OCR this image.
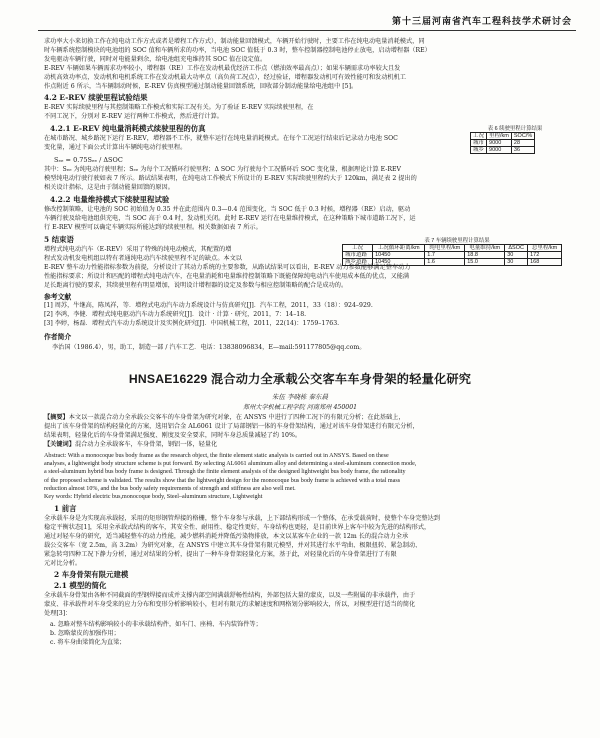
第十三届河南省汽车工程科技学术研讨会
求功率大小来切换工作在纯电动工作方式或者是增程工作方式），制动能量回馈模式，车辆开始行驶时，主要工作在纯电动电量消耗模式，同
时车辆系统控制模块的电池组的 SOC 值和车辆所求的功率，当电池 SOC 值低于 0.3 时，整车控制器控制电池停止放电，启动增程器（RE）
发电驱动车辆行驶，同时对电能量剩余，给电池组充电维持其 SOC 值在设定值。
E-REV 车辆如果车辆需求功率较小，增程器（RE）工作在发动机最优经济工作点（燃油效率最高点）；如果车辆需求功率较大且发
动机高效功率点，发动机和电机系统工作在发动机最大功率点（高负荷工况点），经过验证，增程器发动机可有效性能可和发动机机工
作点附近 6 所示，当车辆制动时候，E-REV 仿真模型通过制动能量回馈系统，回收部分制动能量给电池组中 [5]。
4.2 E-REV 续驶里程试验结果
E-REV 实际续驶里程与其控制策略工作模式和实际工况有关。为了验证 E-REV 实际续驶里程，在
不同工况下，分别对 E-REV 运行两种工作模式，然后进行计算。
表 6 续驶里程计算结果
工况	里程/km	SOC/%
城市	9000	28
城乡	9000	36
4.2.1 E-REV 纯电量消耗模式续驶里程的仿真
在城市路况、城乡路况下运行 E-REV，增程器不工作，就整车运行在纯电量消耗模式。在每个工况运行结束后记录动力电池 SOC
变化量，通过下面公式计算出车辆纯电动行驶里程。
Sₑₑ = 0.75Sₑₑ / ΔSOC
其中：Sₑₑ 为纯电动行驶里程；Sₑₑ 为每个工况循环行驶里程；Δ SOC 为行驶每个工况循环后 SOC 变化量，根据理论计算 E-REV
模型纯电动行驶行驶如表 7 所示。路试结果表明，在纯电动工作模式下所设计的 E-REV 实际续驶里程约大于 120km，满足表 2 提出的
相关设计指标，这是由于制动能量回馈的原因。
4.2.2 电量维持模式下续驶里程试验
修改控制策略，让电池的 SOC 初始值为 0.35 并在此范围内 0.3—0.4 范围变化，当 SOC 低于 0.3 时候，增程器（RE）启动，驱动
车辆行驶及给电池组供充电，当 SOC 高于 0.4 时，发动机关闭。此时 E-REV 运行在电量维持模式，在这种策略下城市道路工况下，运
行 E-REV 模型可以确定车辆实际所能达到的续驶里程。相关数据如表 7 所示。
5 结束语	表 7 车辆续驶里程计算结果
工况	工况循环距离/km	纯电里程/km	电量维持/km	ΔSOC	总里程/km
城市道路	10450	1.7	18.8	30	172
城乡道路	10450	1.6	15.0	30	168
增程式纯电动汽车（E-REV）采用了特殊的纯电动模式，其配置的增
程式发动机发电机组以特有者通纯电动汽车续驶里程不足的缺点。本文以
E-REV 整车动力性能指标参数为前提，分析设计了其动力系统的主要参数，从路试结果可以看出，E-REV 动力参数能够满足整车动力
性能指标要求；所设计和匹配的增程式纯电动汽车，在电量消耗和电量维持控制策略下既能保障纯电动汽车使用成本低的优点，又能满
足长距离行驶的要求，其续驶里程有明显增加，说明设计增程器的设定及参数与相应控制策略的配合是成功的。
参考文献
[1] 周苏，牛继高，陈凤祥，等．增程式电动汽车动力系统设计与仿真研究[J]．汽车工程，2011，33（18）：924–929.
[2] 李鸿，李健．增程式纯电驱动汽车动力系统研究[J]．设计 · 计算 · 研究，2011，7：14–18.
[3] 李婷，杨磊．增程式汽车动力系统设计及实例化研究[J]．中国机械工程，2011，22(14)：1759–1763.
作者简介
李治国（1986.4），男，助工，制造一部 / 汽车工艺．电话：13838096834，E—mail:591177805@qq.com。
HNSAE16229 混合动力全承载公交客车车身骨架的轻量化研究
朱伍 李晓栋 秦东晨
郑州大学机械工程学院 河南郑州 450001
【摘要】本文以一款混合动力全承载公交客车的车身骨架为研究对象，在 ANSYS 中进行了四种工况下的有限元分析；在此基础上，
提出了该车身骨架的结构轻量化的方案，选用铝合金 AL6061 设计了局部钢铝一体的车身骨架结构，通过对该车身骨架进行有限元分析，
结果表明，轻量化后的车身骨架满足强度、刚度及安全要求，同时车身总质量减轻了约 10%。
【关键词】混合动力全承载客车，车身骨架，钢铝一体，轻量化
Abstract: With a monocoque bus body frame as the research object, the finite element static analysis is carried out in ANSYS. Based on these
analyses, a lightweight body structure scheme is put forward. By selecting AL6061 aluminum alloy and determining a steel-aluminum connection mode,
a steel-aluminum hybrid bus body frame is designed. Through the finite element analysis of the designed lightweight bus body frame, the rationality
of the proposed scheme is validated. The results show that the lightweight design for the monocoque bus body frame is achieved with a total mass
reduction almost 10%, and the bus body safety requirements of strength and stiffness are also well met.
Key words: Hybrid electric bus,monocoque body, Steel–aluminum structure, Lightweight
1 前言
全承载车身是为实现高承载轻，采用的矩形钢管焊接的格栅，整个车身参与承载，上下部结构形成一个整体，在承受载荷时，使整个车身完整达到
稳定平衡状态[1]，采用全承载式结构的客车，其安全性、耐用性、稳定性更好，车身结构也更轻，是目前世界上客车中较为先进的结构形式，
通过对轻车身的研究，适当减轻整车的动力性能，减少燃料消耗并降低污染物排放，本文以某客车企业的一款 12m 长的混合动力全承
载公交客车（宽 2.5m，高 3.2m）为研究对象，在 ANSYS 中建立其车身骨架有限元模型，并对其进行水平弯曲、极限扭转、紧急制动、
紧急转弯四种工况下静力分析，通过对结果的分析，提出了一种车身骨架轻量化方案，基于此，对轻量化后的车身骨架进行了有限
元对比分析。
2 车身骨架有限元建模
2.1 模型的简化
全承载车身骨架由各种不同截面的型钢焊接而成并支撑内部空间满载舒畅性结构，外部包括大量的蒙皮，以及一些附属的非承载件，由于
蒙皮、非承载件对车身受来的应力分布和变形分析影响较小，但对有限元的求解速度和网格划分影响较大，所以，对模型进行适当的简化
处理[3]：
a. 忽略对整车结构影响较小的非承载结构件，如车门、座椅、车内装饰件等；
b. 忽略蒙皮的加强作用；
c. 将车身曲梁简化为直梁；
